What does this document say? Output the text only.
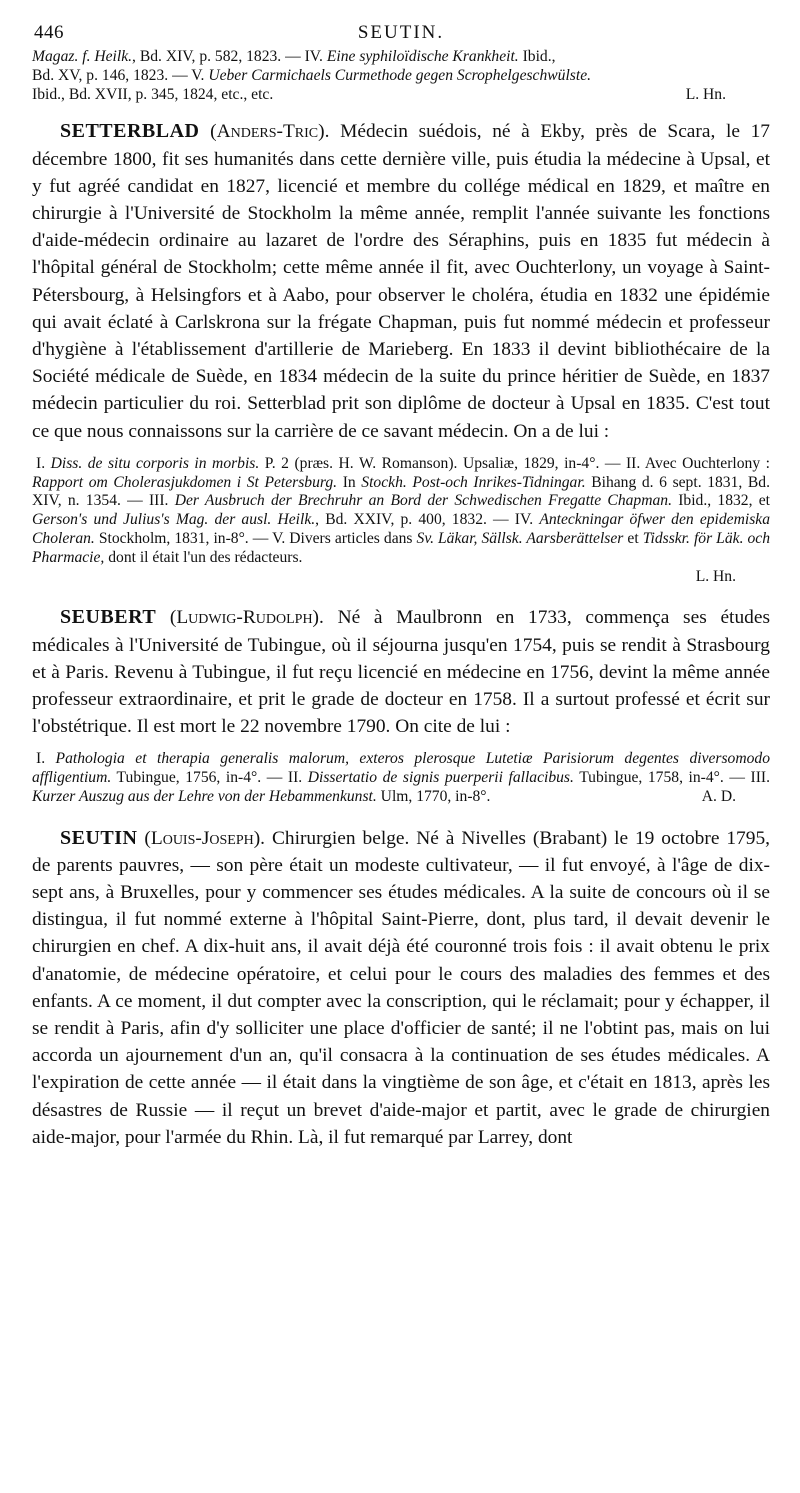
446	SEUTIN.

Magaz. f. Heilk., Bd. XIV, p. 582, 1823. — IV. Eine syphiloïdische Krankheit. Ibid.,

Bd. XV, p. 146, 1823. — V. Ueber Carmichaels Curmethode gegen Scrophelgeschwülste.

Ibid., Bd. XVII, p. 345, 1824, etc., etc.	L. Hn.

SETTERBLAD (Anders-Tric). Médecin suédois, né à Ekby, près de Scara, le 17 décembre 1800, fit ses humanités dans cette dernière ville, puis étudia la médecine à Upsal, et y fut agréé candidat en 1827, licencié et membre du collége médical en 1829, et maître en chirurgie à l'Université de Stockholm la même année, remplit l'année suivante les fonctions d'aide-médecin ordinaire au lazaret de l'ordre des Séraphins, puis en 1835 fut médecin à l'hôpital général de Stockholm; cette même année il fit, avec Ouchterlony, un voyage à Saint-Pétersbourg, à Helsingfors et à Aabo, pour observer le choléra, étudia en 1832 une épidémie qui avait éclaté à Carlskrona sur la frégate Chapman, puis fut nommé médecin et professeur d'hygiène à l'établissement d'artillerie de Marieberg. En 1833 il devint bibliothécaire de la Société médicale de Suède, en 1834 médecin de la suite du prince héritier de Suède, en 1837 médecin particulier du roi. Setterblad prit son diplôme de docteur à Upsal en 1835. C'est tout ce que nous connaissons sur la carrière de ce savant médecin. On a de lui :

I. Diss. de situ corporis in morbis. P. 2 (præs. H. W. Romanson). Upsaliæ, 1829, in-4°. — II. Avec Ouchterlony : Rapport om Cholerasjukdomen i St Petersburg. In Stockh. Post-och Inrikes-Tidningar. Bihang d. 6 sept. 1831, Bd. XIV, n. 1354. — III. Der Ausbruch der Brechruhr an Bord der Schwedischen Fregatte Chapman. Ibid., 1832, et Gerson's und Julius's Mag. der ausl. Heilk., Bd. XXIV, p. 400, 1832. — IV. Anteckningar öfwer den epidemiska Choleran. Stockholm, 1831, in-8°. — V. Divers articles dans Sv. Läkar, Sällsk. Aarsberättelser et Tidsskr. för Läk. och Pharmacie, dont il était l'un des rédacteurs.

L. Hn.

SEUBERT (Ludwig-Rudolph). Né à Maulbronn en 1733, commença ses études médicales à l'Université de Tubingue, où il séjourna jusqu'en 1754, puis se rendit à Strasbourg et à Paris. Revenu à Tubingue, il fut reçu licencié en médecine en 1756, devint la même année professeur extraordinaire, et prit le grade de docteur en 1758. Il a surtout professé et écrit sur l'obstétrique. Il est mort le 22 novembre 1790. On cite de lui :

I. Pathologia et therapia generalis malorum, exteros plerosque Lutetiæ Parisiorum degentes diversomodo affligentium. Tubingue, 1756, in-4°. — II. Dissertatio de signis puerperii fallacibus. Tubingue, 1758, in-4°. — III. Kurzer Auszug aus der Lehre von der Hebammenkunst. Ulm, 1770, in-8°.	A. D.

SEUTIN (Louis-Joseph). Chirurgien belge. Né à Nivelles (Brabant) le 19 octobre 1795, de parents pauvres, — son père était un modeste cultivateur, — il fut envoyé, à l'âge de dix-sept ans, à Bruxelles, pour y commencer ses études médicales. A la suite de concours où il se distingua, il fut nommé externe à l'hôpital Saint-Pierre, dont, plus tard, il devait devenir le chirurgien en chef. A dix-huit ans, il avait déjà été couronné trois fois : il avait obtenu le prix d'anatomie, de médecine opératoire, et celui pour le cours des maladies des femmes et des enfants. A ce moment, il dut compter avec la conscription, qui le réclamait; pour y échapper, il se rendit à Paris, afin d'y solliciter une place d'officier de santé; il ne l'obtint pas, mais on lui accorda un ajournement d'un an, qu'il consacra à la continuation de ses études médicales. A l'expiration de cette année — il était dans la vingtième de son âge, et c'était en 1813, après les désastres de Russie — il reçut un brevet d'aide-major et partit, avec le grade de chirurgien aide-major, pour l'armée du Rhin. Là, il fut remarqué par Larrey, dont
